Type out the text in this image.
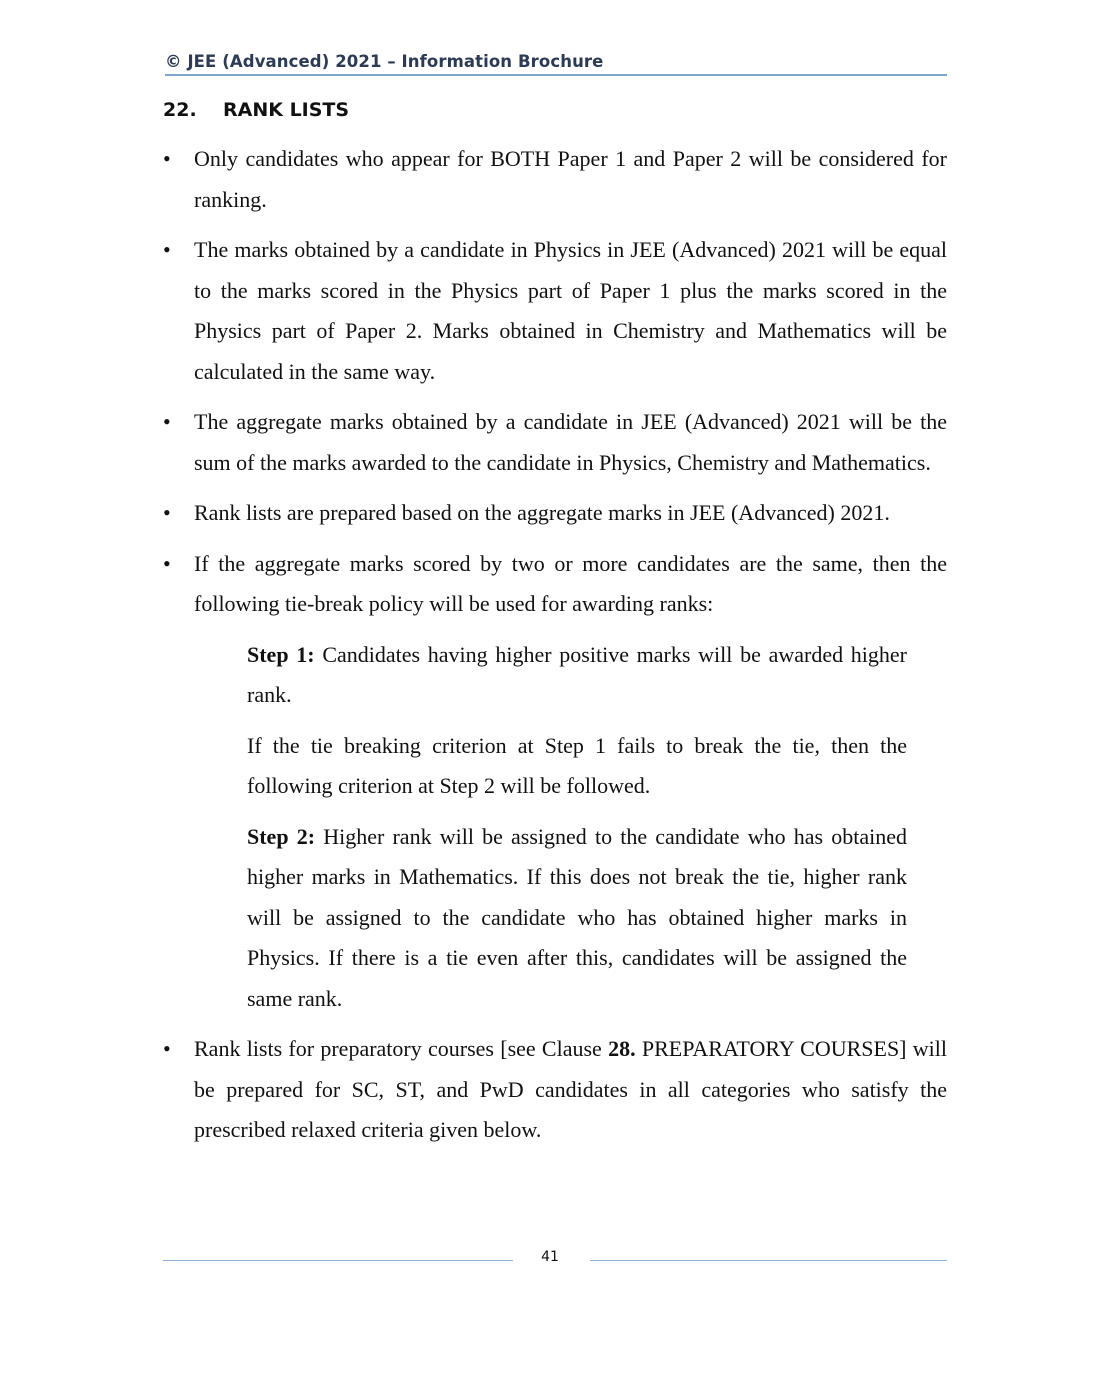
© JEE (Advanced) 2021 – Information Brochure
22.	RANK LISTS

• Only candidates who appear for BOTH Paper 1 and Paper 2 will be considered for ranking.

• The marks obtained by a candidate in Physics in JEE (Advanced) 2021 will be equal to the marks scored in the Physics part of Paper 1 plus the marks scored in the Physics part of Paper 2. Marks obtained in Chemistry and Mathematics will be calculated in the same way.

• The aggregate marks obtained by a candidate in JEE (Advanced) 2021 will be the sum of the marks awarded to the candidate in Physics, Chemistry and Mathematics.

• Rank lists are prepared based on the aggregate marks in JEE (Advanced) 2021.

• If the aggregate marks scored by two or more candidates are the same, then the following tie-break policy will be used for awarding ranks:

Step 1: Candidates having higher positive marks will be awarded higher rank.

If the tie breaking criterion at Step 1 fails to break the tie, then the following criterion at Step 2 will be followed.

Step 2: Higher rank will be assigned to the candidate who has obtained higher marks in Mathematics. If this does not break the tie, higher rank will be assigned to the candidate who has obtained higher marks in Physics. If there is a tie even after this, candidates will be assigned the same rank.

• Rank lists for preparatory courses [see Clause 28. PREPARATORY COURSES] will be prepared for SC, ST, and PwD candidates in all categories who satisfy the prescribed relaxed criteria given below.

41
